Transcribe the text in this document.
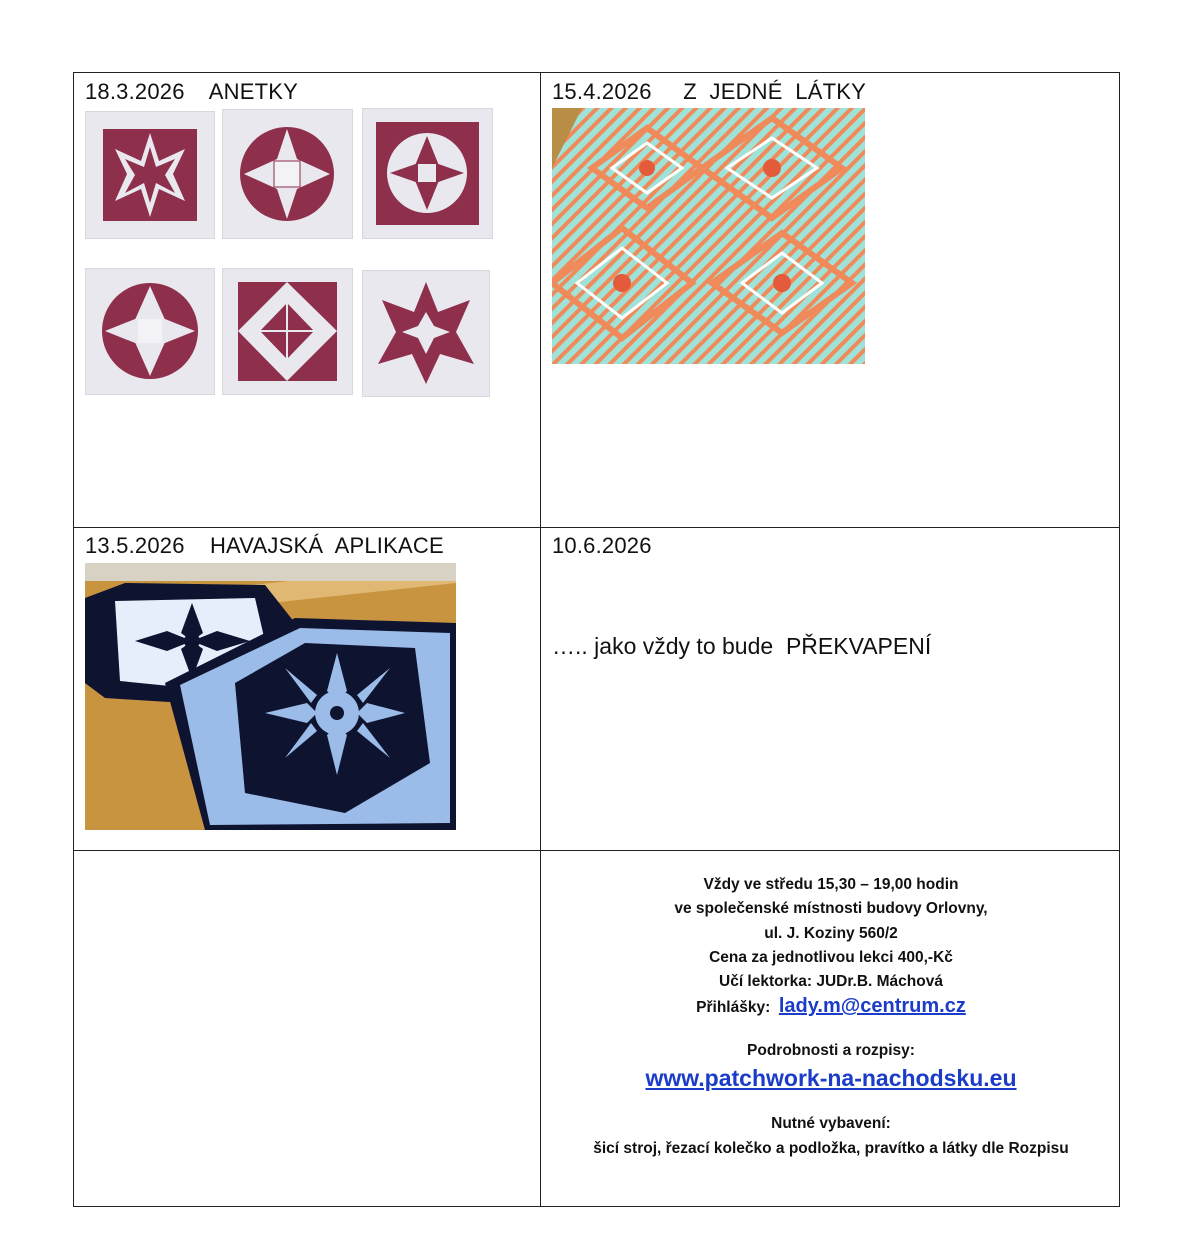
18.3.2026 ANETKY	15.4.2026 Z  JEDNÉ  LÁTKY
13.5.2026 HAVAJSKÁ  APLIKACE	10.6.2026
….. jako vždy to bude  PŘEKVAPENÍ
Vždy ve středu 15,30 – 19,00 hodin
ve společenské místnosti budovy Orlovny,
ul. J. Koziny 560/2
Cena za jednotlivou lekci 400,-Kč
Učí lektorka: JUDr.B. Máchová
Přihlášky: lady.m@centrum.cz
Podrobnosti a rozpisy:
www.patchwork-na-nachodsku.eu
Nutné vybavení:
šicí stroj, řezací kolečko a podložka, pravítko a látky dle Rozpisu
